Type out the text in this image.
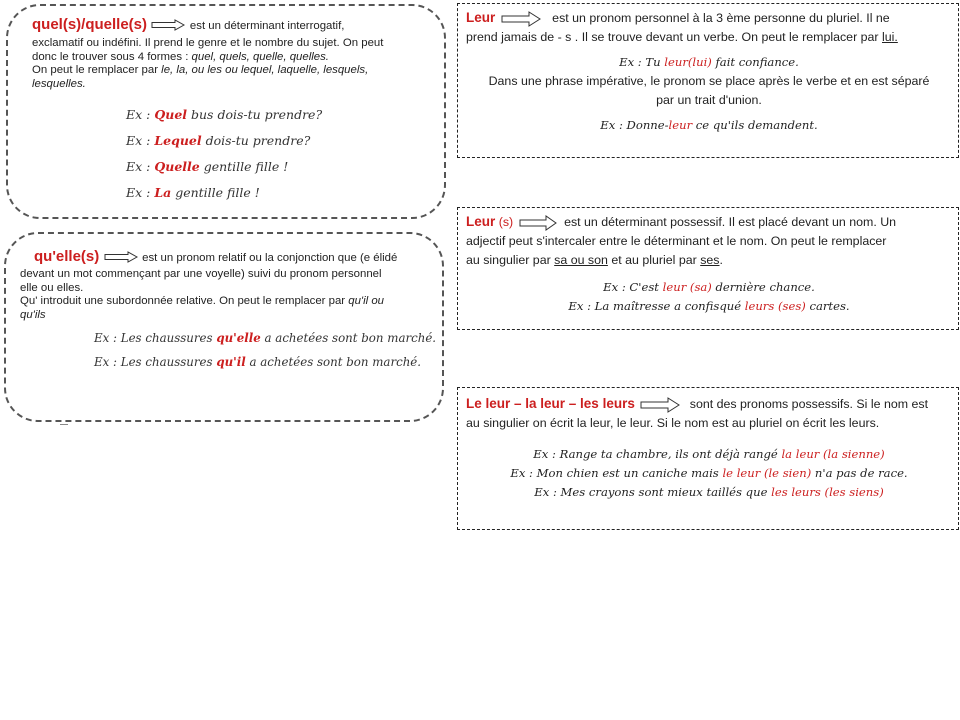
quel(s)/quelle(s)	est un déterminant interrogatif,
exclamatif ou indéfini. Il prend le genre et le nombre du sujet. On peut
donc le trouver sous 4 formes : quel, quels, quelle, quelles.
On peut le remplacer par le, la, ou les ou lequel, laquelle, lesquels,
lesquelles.
Ex : Quel bus dois-tu prendre?
Ex : Lequel dois-tu prendre?
Ex : Quelle gentille fille !
Ex : La gentille fille !
qu'elle(s)	est un pronom relatif ou la conjonction que (e élidé
devant un mot commençant par une voyelle) suivi du pronom personnel
elle ou elles.
Qu' introduit une subordonnée relative. On peut le remplacer par qu'il ou
qu'ils
Ex : Les chaussures qu'elle a achetées sont bon marché.
Ex : Les chaussures qu'il a achetées sont bon marché.
Leur	est un pronom personnel à la 3 ème personne du pluriel. Il ne
prend jamais de - s . Il se trouve devant un verbe. On peut le remplacer par lui.
Ex : Tu leur(lui) fait confiance.
Dans une phrase impérative, le pronom se place après le verbe et en est séparé
par un trait d'union.
Ex : Donne-leur ce qu'ils demandent.
Leur (s)	est un déterminant possessif. Il est placé devant un nom. Un
adjectif peut s'intercaler entre le déterminant et le nom. On peut le remplacer
au singulier par sa ou son et au pluriel par ses.
Ex : C'est leur (sa) dernière chance.
Ex : La maîtresse a confisqué leurs (ses) cartes.
Le leur – la leur – les leurs	sont des pronoms possessifs. Si le nom est
au singulier on écrit la leur, le leur. Si le nom est au pluriel on écrit les leurs.
Ex : Range ta chambre, ils ont déjà rangé la leur (la sienne)
Ex : Mon chien est un caniche mais le leur (le sien) n'a pas de race.
Ex : Mes crayons sont mieux taillés que les leurs (les siens)
